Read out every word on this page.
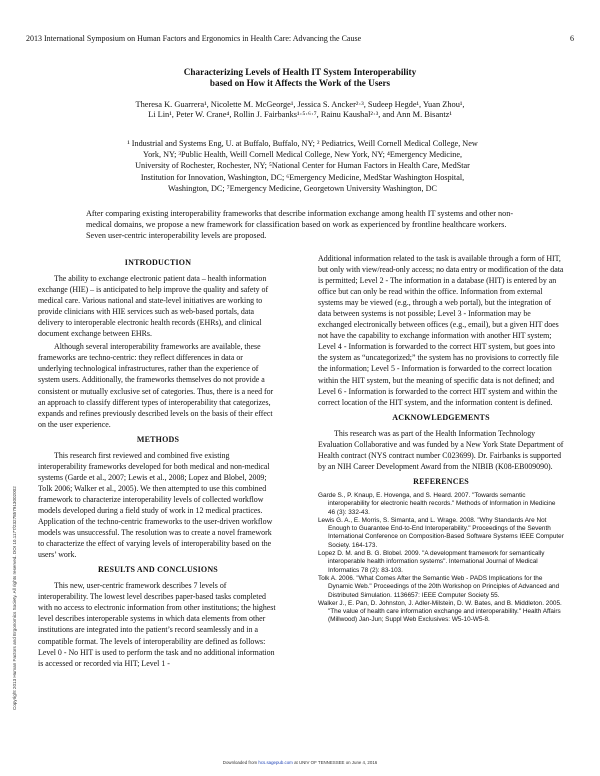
2013 International Symposium on Human Factors and Ergonomics in Health Care: Advancing the Cause	6
Characterizing Levels of Health IT System Interoperability
based on How it Affects the Work of the Users
Theresa K. Guarrera¹, Nicolette M. McGeorge¹, Jessica S. Ancker²·³, Sudeep Hegde¹, Yuan Zhou¹,
Li Lin¹, Peter W. Crane⁴, Rollin J. Fairbanks¹·⁵·⁶·⁷, Rainu Kaushal²·³, and Ann M. Bisantz¹
¹ Industrial and Systems Eng, U. at Buffalo, Buffalo, NY; ² Pediatrics, Weill Cornell Medical College, New
York, NY; ³Public Health, Weill Cornell Medical College, New York, NY; ⁴Emergency Medicine,
University of Rochester, Rochester, NY; ⁵National Center for Human Factors in Health Care, MedStar
Institution for Innovation, Washington, DC; ⁶Emergency Medicine, MedStar Washington Hospital,
Washington, DC; ⁷Emergency Medicine, Georgetown University Washington, DC
After comparing existing interoperability frameworks that describe information exchange among health IT systems and other non-medical domains, we propose a new framework for classification based on work as experienced by frontline healthcare workers. Seven user-centric interoperability levels are proposed.
INTRODUCTION

The ability to exchange electronic patient data – health information exchange (HIE) – is anticipated to help improve the quality and safety of medical care. Various national and state-level initiatives are working to provide clinicians with HIE services such as web-based portals, data delivery to interoperable electronic health records (EHRs), and clinical document exchange between EHRs.

Although several interoperability frameworks are available, these frameworks are techno-centric: they reflect differences in data or underlying technological infrastructures, rather than the experience of system users. Additionally, the frameworks themselves do not provide a consistent or mutually exclusive set of categories. Thus, there is a need for an approach to classify different types of interoperability that categorizes, expands and refines previously described levels on the basis of their effect on the user experience.

METHODS

This research first reviewed and combined five existing interoperability frameworks developed for both medical and non-medical systems (Garde et al., 2007; Lewis et al., 2008; Lopez and Blobel, 2009; Tolk 2006; Walker et al., 2005). We then attempted to use this combined framework to characterize interoperability levels of collected workflow models developed during a field study of work in 12 medical practices. Application of the techno-centric frameworks to the user-driven workflow models was unsuccessful. The resolution was to create a novel framework to characterize the effect of varying levels of interoperability based on the users’ work.

RESULTS AND CONCLUSIONS

This new, user-centric framework describes 7 levels of interoperability. The lowest level describes paper-based tasks completed with no access to electronic information from other institutions; the highest level describes interoperable systems in which data elements from other institutions are integrated into the patient’s record seamlessly and in a compatible format. The levels of interoperability are defined as follows: Level 0 - No HIT is used to perform the task and no additional information is accessed or recorded via HIT; Level 1 -

Additional information related to the task is available through a form of HIT, but only with view/read-only access; no data entry or modification of the data is permitted; Level 2 - The information in a database (HIT) is entered by an office but can only be read within the office. Information from external systems may be viewed (e.g., through a web portal), but the integration of data between systems is not possible; Level 3 - Information may be exchanged electronically between offices (e.g., email), but a given HIT does not have the capability to exchange information with another HIT system; Level 4 - Information is forwarded to the correct HIT system, but goes into the system as “uncategorized;” the system has no provisions to correctly file the information; Level 5 - Information is forwarded to the correct location within the HIT system, but the meaning of specific data is not defined; and Level 6 - Information is forwarded to the correct HIT system and within the correct location of the HIT system, and the information content is defined.

ACKNOWLEDGEMENTS

This research was as part of the Health Information Technology Evaluation Collaborative and was funded by a New York State Department of Health contract (NYS contract number C023699). Dr. Fairbanks is supported by an NIH Career Development Award from the NIBIB (K08-EB009090).

REFERENCES

Garde S., P. Knaup, E. Hovenga, and S. Heard. 2007. "Towards semantic interoperability for electronic health records." Methods of Information in Medicine 46 (3): 332-43.

Lewis G. A., E. Morris, S. Simanta, and L. Wrage. 2008. "Why Standards Are Not Enough to Guarantee End-to-End Interoperability." Proceedings of the Seventh International Conference on Composition-Based Software Systems IEEE Computer Society. 164-173.

Lopez D. M. and B. G. Blobel. 2009. "A development framework for semantically interoperable health information systems". International Journal of Medical Informatics 78 (2): 83-103.

Tolk A. 2006. "What Comes After the Semantic Web - PADS Implications for the Dynamic Web." Proceedings of the 20th Workshop on Principles of Advanced and Distributed Simulation. 1136657: IEEE Computer Society 55.

Walker J., E. Pan, D. Johnston, J. Adler-Milstein, D. W. Bates, and B. Middleton. 2005. "The value of health care information exchange and interoperability." Health Affairs (Millwood) Jan-Jun; Suppl Web Exclusives: W5-10-W5-8.

Copyright 2013 Human Factors and Ergonomics Society. All rights reserved. DOI 10.1177/2327857913002002
Downloaded from hcs.sagepub.com at UNIV OF TENNESSEE on June 4, 2016
